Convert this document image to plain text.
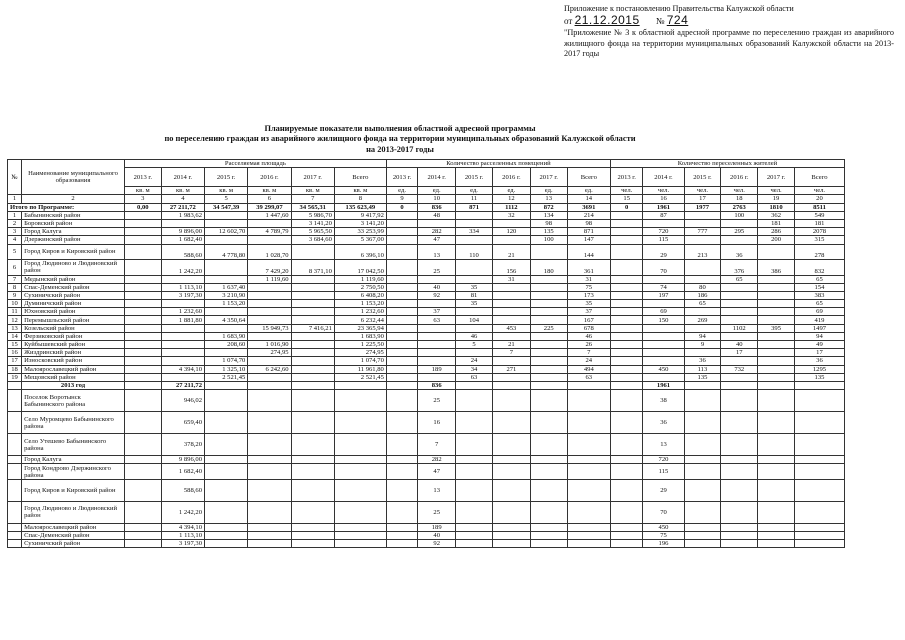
Приложение к постановлению Правительства Калужской области
от 21.12.2015 № 724
"Приложение № 3 к областной адресной программе по переселению граждан из аварийного жилищного фонда на территории муниципальных образований Калужской области на 2013-2017 годы
Планируемые показатели выполнения областной адресной программы
по переселению граждан из аварийного жилищного фонда на территории муниципальных образований Калужской области
на 2013-2017 годы
№	Наименование муниципального образования	Расселяемая площадь						Количество расселенных помещений						Количество переселенных жителей					
		2013 г.	2014 г.	2015 г.	2016 г.	2017 г.	Всего	2013 г.	2014 г.	2015 г.	2016 г.	2017 г.	Всего	2013 г.	2014 г.	2015 г.	2016 г.	2017 г.	Всего
		кв. м	кв. м	кв. м	кв. м	кв. м	кв. м	ед.	ед.	ед.	ед.	ед.	ед.	чел.	чел.	чел.	чел.	чел.	чел.
1	2	3	4	5	6	7	8	9	10	11	12	13	14	15	16	17	18	19	20
Итого по Программе:		0,00	27 211,72	34 547,39	39 299,07	34 565,31	135 623,49	0	836	871	1112	872	3691	0	1961	1977	2763	1810	8511
1	Бабынинский район		1 983,62		1 447,60	5 986,70	9 417,92		48		32	134	214		87		100	362	549
2	Боровский район					3 141,20	3 141,20					98	98					181	181
3	Город Калуга		9 896,00	12 602,70	4 789,79	5 965,50	33 253,99		282	334	120	135	871		720	777	295	286	2078
4	Дзержинский район		1 682,40			3 684,60	5 367,00		47			100	147		115			200	315
5	Город Киров и Кировский район		588,60	4 778,80	1 028,70		6 396,10		13	110	21		144		29	213	36		278
6	Город Людиново и Людиновский район		1 242,20		7 429,20	8 371,10	17 042,50		25		156	180	361		70		376	386	832
7	Медынский район				1 119,60		1 119,60				31		31				65		65
8	Спас-Деменский район		1 113,10	1 637,40			2 750,50		40	35			75		74	80			154
9	Сухиничский район		3 197,30	3 210,90			6 408,20		92	81			173		197	186			383
10	Думиничский район			1 153,20			1 153,20			35			35			65			65
11	Юхновский район		1 232,60				1 232,60		37				37		69				69
12	Перемышльский район		1 881,80	4 350,64			6 232,44		63	104			167		150	269			419
13	Козельский район				15 949,73	7 416,21	23 365,94				453	225	678				1102	395	1497
14	Ферзиковский район			1 683,90			1 683,90			46			46			94			94
15	Куйбышевский район			208,60	1 016,90		1 225,50			5	21		26			9	40		49
16	Жиздринский район				274,95		274,95				7		7				17		17
17	Износковский район			1 074,70			1 074,70			24			24			36			36
18	Малоярославецкий район		4 394,10	1 325,10	6 242,60		11 961,80		189	34	271		494		450	113	732		1295
19	Мещовский район			2 521,45			2 521,45			63			63			135			135
	2013 год		27 211,72						836						1961				
	Поселок Воротынск Бабынинского района		946,02						25						38				
	Село Муромцево Бабынинского района		659,40						16						36				
	Село Утешево Бабынинского района		378,20						7						13				
	Город Калуга		9 896,00						282						720				
	Город Кондрово Дзержинского района		1 682,40						47						115				
	Город Киров и Кировский район		588,60						13						29				
	Город Людиново и Людиновский район		1 242,20						25						70				
	Малоярославецкий район		4 394,10						189						450				
	Спас-Деменский район		1 113,10						40						75				
	Сухиничский район		3 197,30						92						196				
